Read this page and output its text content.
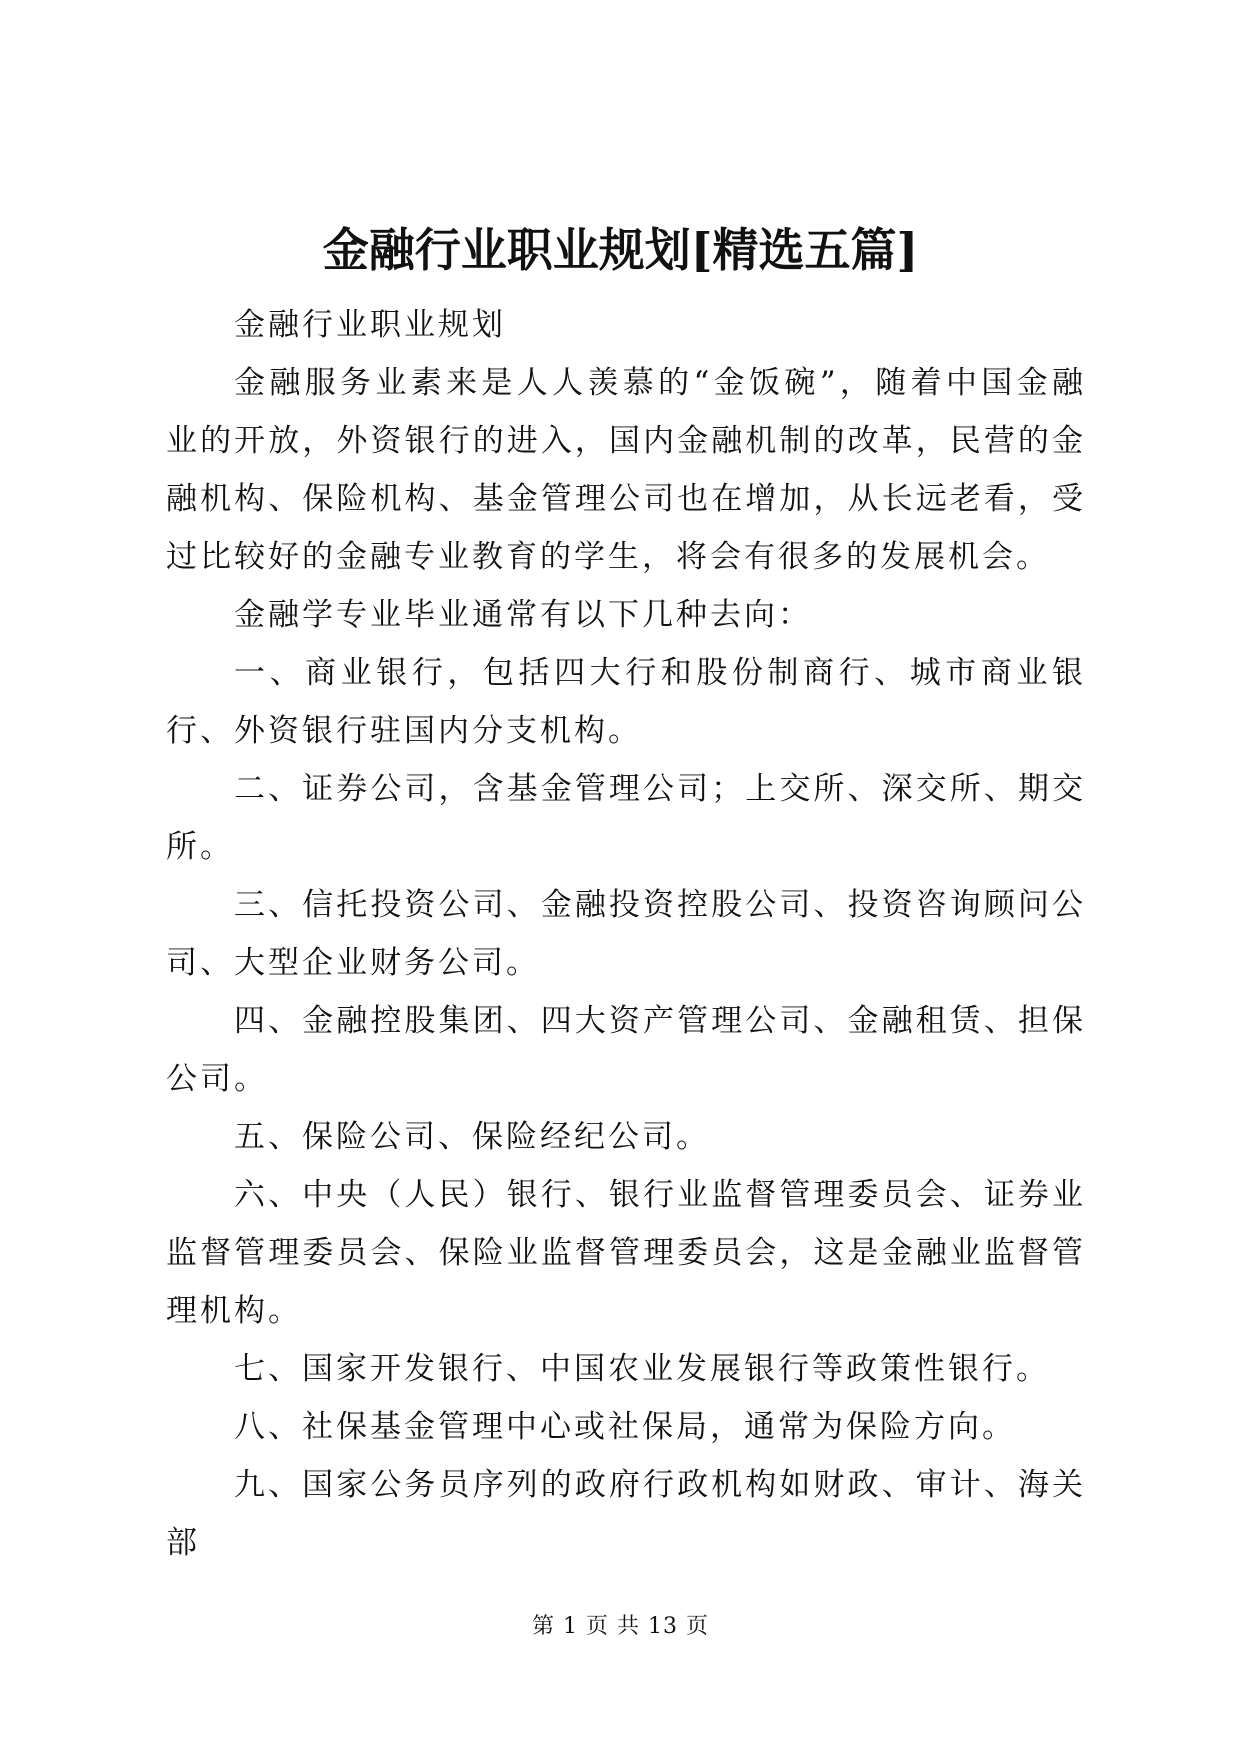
金融行业职业规划[精选五篇]

金融行业职业规划

金融服务业素来是人人羡慕的“金饭碗”，随着中国金融业的开放，外资银行的进入，国内金融机制的改革，民营的金融机构、保险机构、基金管理公司也在增加，从长远老看，受过比较好的金融专业教育的学生，将会有很多的发展机会。

金融学专业毕业通常有以下几种去向：

一、商业银行，包括四大行和股份制商行、城市商业银行、外资银行驻国内分支机构。

二、证券公司，含基金管理公司；上交所、深交所、期交所。

三、信托投资公司、金融投资控股公司、投资咨询顾问公司、大型企业财务公司。

四、金融控股集团、四大资产管理公司、金融租赁、担保公司。

五、保险公司、保险经纪公司。

六、中央（人民）银行、银行业监督管理委员会、证券业监督管理委员会、保险业监督管理委员会，这是金融业监督管理机构。

七、国家开发银行、中国农业发展银行等政策性银行。

八、社保基金管理中心或社保局，通常为保险方向。

九、国家公务员序列的政府行政机构如财政、审计、海关部

第 1 页 共 13 页
